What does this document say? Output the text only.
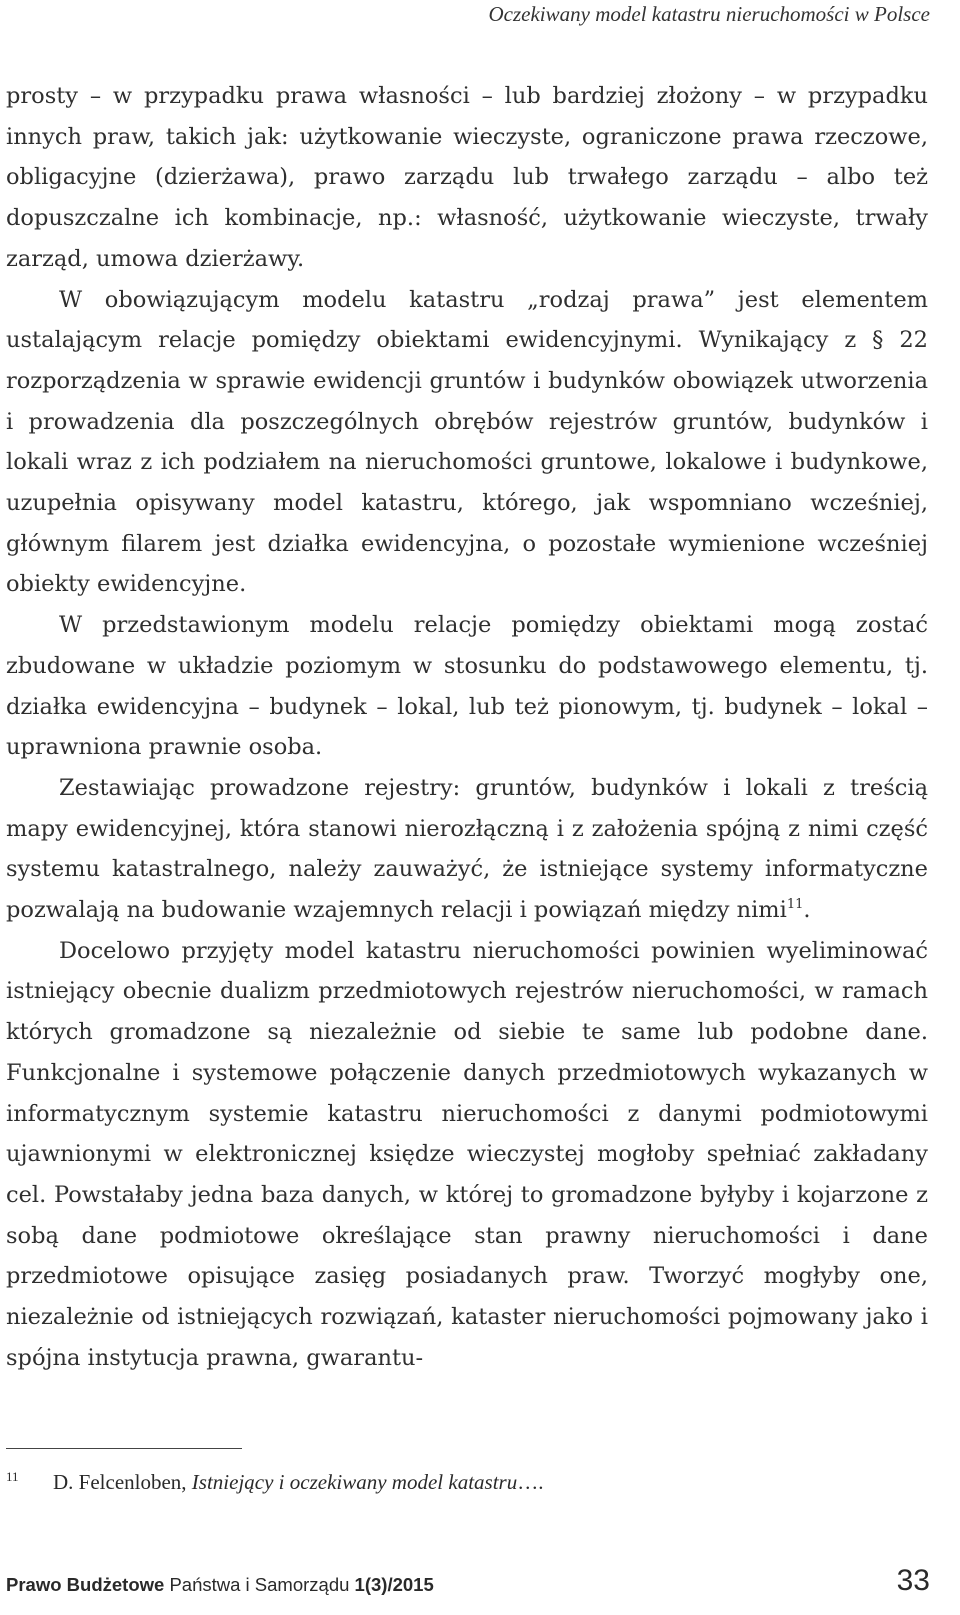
Oczekiwany model katastru nieruchomości w Polsce

prosty – w przypadku prawa własności – lub bardziej złożony – w przypadku innych praw, takich jak: użytkowanie wieczyste, ograniczone prawa rzeczowe, obligacyjne (dzierżawa), prawo zarządu lub trwałego zarządu – albo też dopuszczalne ich kombinacje, np.: własność, użytkowanie wieczyste, trwały zarząd, umowa dzierżawy.

W obowiązującym modelu katastru „rodzaj prawa” jest elementem ustalającym relacje pomiędzy obiektami ewidencyjnymi. Wynikający z § 22 rozporządzenia w sprawie ewidencji gruntów i budynków obowiązek utworzenia i prowadzenia dla poszczególnych obrębów rejestrów gruntów, budynków i lokali wraz z ich podziałem na nieruchomości gruntowe, lokalowe i budynkowe, uzupełnia opisywany model katastru, którego, jak wspomniano wcześniej, głównym filarem jest działka ewidencyjna, o pozostałe wymienione wcześniej obiekty ewidencyjne.

W przedstawionym modelu relacje pomiędzy obiektami mogą zostać zbudowane w układzie poziomym w stosunku do podstawowego elementu, tj. działka ewidencyjna – budynek – lokal, lub też pionowym, tj. budynek – lokal – uprawniona prawnie osoba.

Zestawiając prowadzone rejestry: gruntów, budynków i lokali z treścią mapy ewidencyjnej, która stanowi nierozłączną i z założenia spójną z nimi część systemu katastralnego, należy zauważyć, że istniejące systemy informatyczne pozwalają na budowanie wzajemnych relacji i powiązań między nimi$^{11}$.

Docelowo przyjęty model katastru nieruchomości powinien wyeliminować istniejący obecnie dualizm przedmiotowych rejestrów nieruchomości, w ramach których gromadzone są niezależnie od siebie te same lub podobne dane. Funkcjonalne i systemowe połączenie danych przedmiotowych wykazanych w informatycznym systemie katastru nieruchomości z danymi podmiotowymi ujawnionymi w elektronicznej księdze wieczystej mogłoby spełniać zakładany cel. Powstałaby jedna baza danych, w której to gromadzone byłyby i kojarzone z sobą dane podmiotowe określające stan prawny nieruchomości i dane przedmiotowe opisujące zasięg posiadanych praw. Tworzyć mogłyby one, niezależnie od istniejących rozwiązań, kataster nieruchomości pojmowany jako i spójna instytucja prawna, gwarantu-

11 D. Felcenloben, Istniejący i oczekiwany model katastru….
Prawo Budżetowe Państwa i Samorządu 1(3)/2015	33
